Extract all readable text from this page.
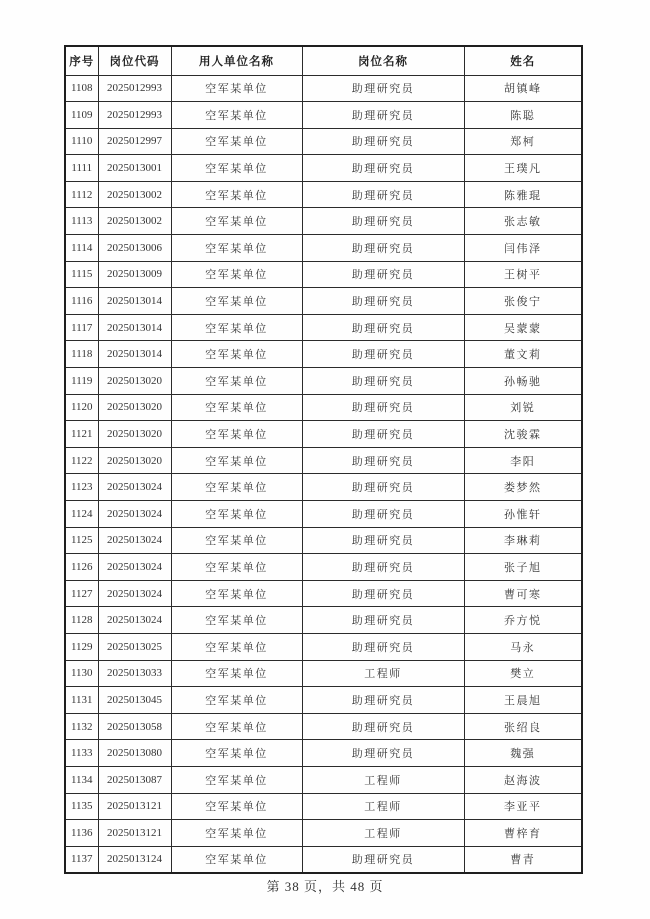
序号	岗位代码	用人单位名称	岗位名称	姓名
1108	2025012993	空军某单位	助理研究员	胡镇峰
1109	2025012993	空军某单位	助理研究员	陈聪
1110	2025012997	空军某单位	助理研究员	郑柯
1111	2025013001	空军某单位	助理研究员	王璞凡
1112	2025013002	空军某单位	助理研究员	陈雅琨
1113	2025013002	空军某单位	助理研究员	张志敏
1114	2025013006	空军某单位	助理研究员	闫伟泽
1115	2025013009	空军某单位	助理研究员	王树平
1116	2025013014	空军某单位	助理研究员	张俊宁
1117	2025013014	空军某单位	助理研究员	吴蒙蒙
1118	2025013014	空军某单位	助理研究员	董文莉
1119	2025013020	空军某单位	助理研究员	孙畅驰
1120	2025013020	空军某单位	助理研究员	刘锐
1121	2025013020	空军某单位	助理研究员	沈骏霖
1122	2025013020	空军某单位	助理研究员	李阳
1123	2025013024	空军某单位	助理研究员	娄梦然
1124	2025013024	空军某单位	助理研究员	孙惟轩
1125	2025013024	空军某单位	助理研究员	李琳莉
1126	2025013024	空军某单位	助理研究员	张子旭
1127	2025013024	空军某单位	助理研究员	曹可寒
1128	2025013024	空军某单位	助理研究员	乔方悦
1129	2025013025	空军某单位	助理研究员	马永
1130	2025013033	空军某单位	工程师	樊立
1131	2025013045	空军某单位	助理研究员	王晨旭
1132	2025013058	空军某单位	助理研究员	张绍良
1133	2025013080	空军某单位	助理研究员	魏强
1134	2025013087	空军某单位	工程师	赵海波
1135	2025013121	空军某单位	工程师	李亚平
1136	2025013121	空军某单位	工程师	曹梓育
1137	2025013124	空军某单位	助理研究员	曹青
第 38 页，共 48 页
